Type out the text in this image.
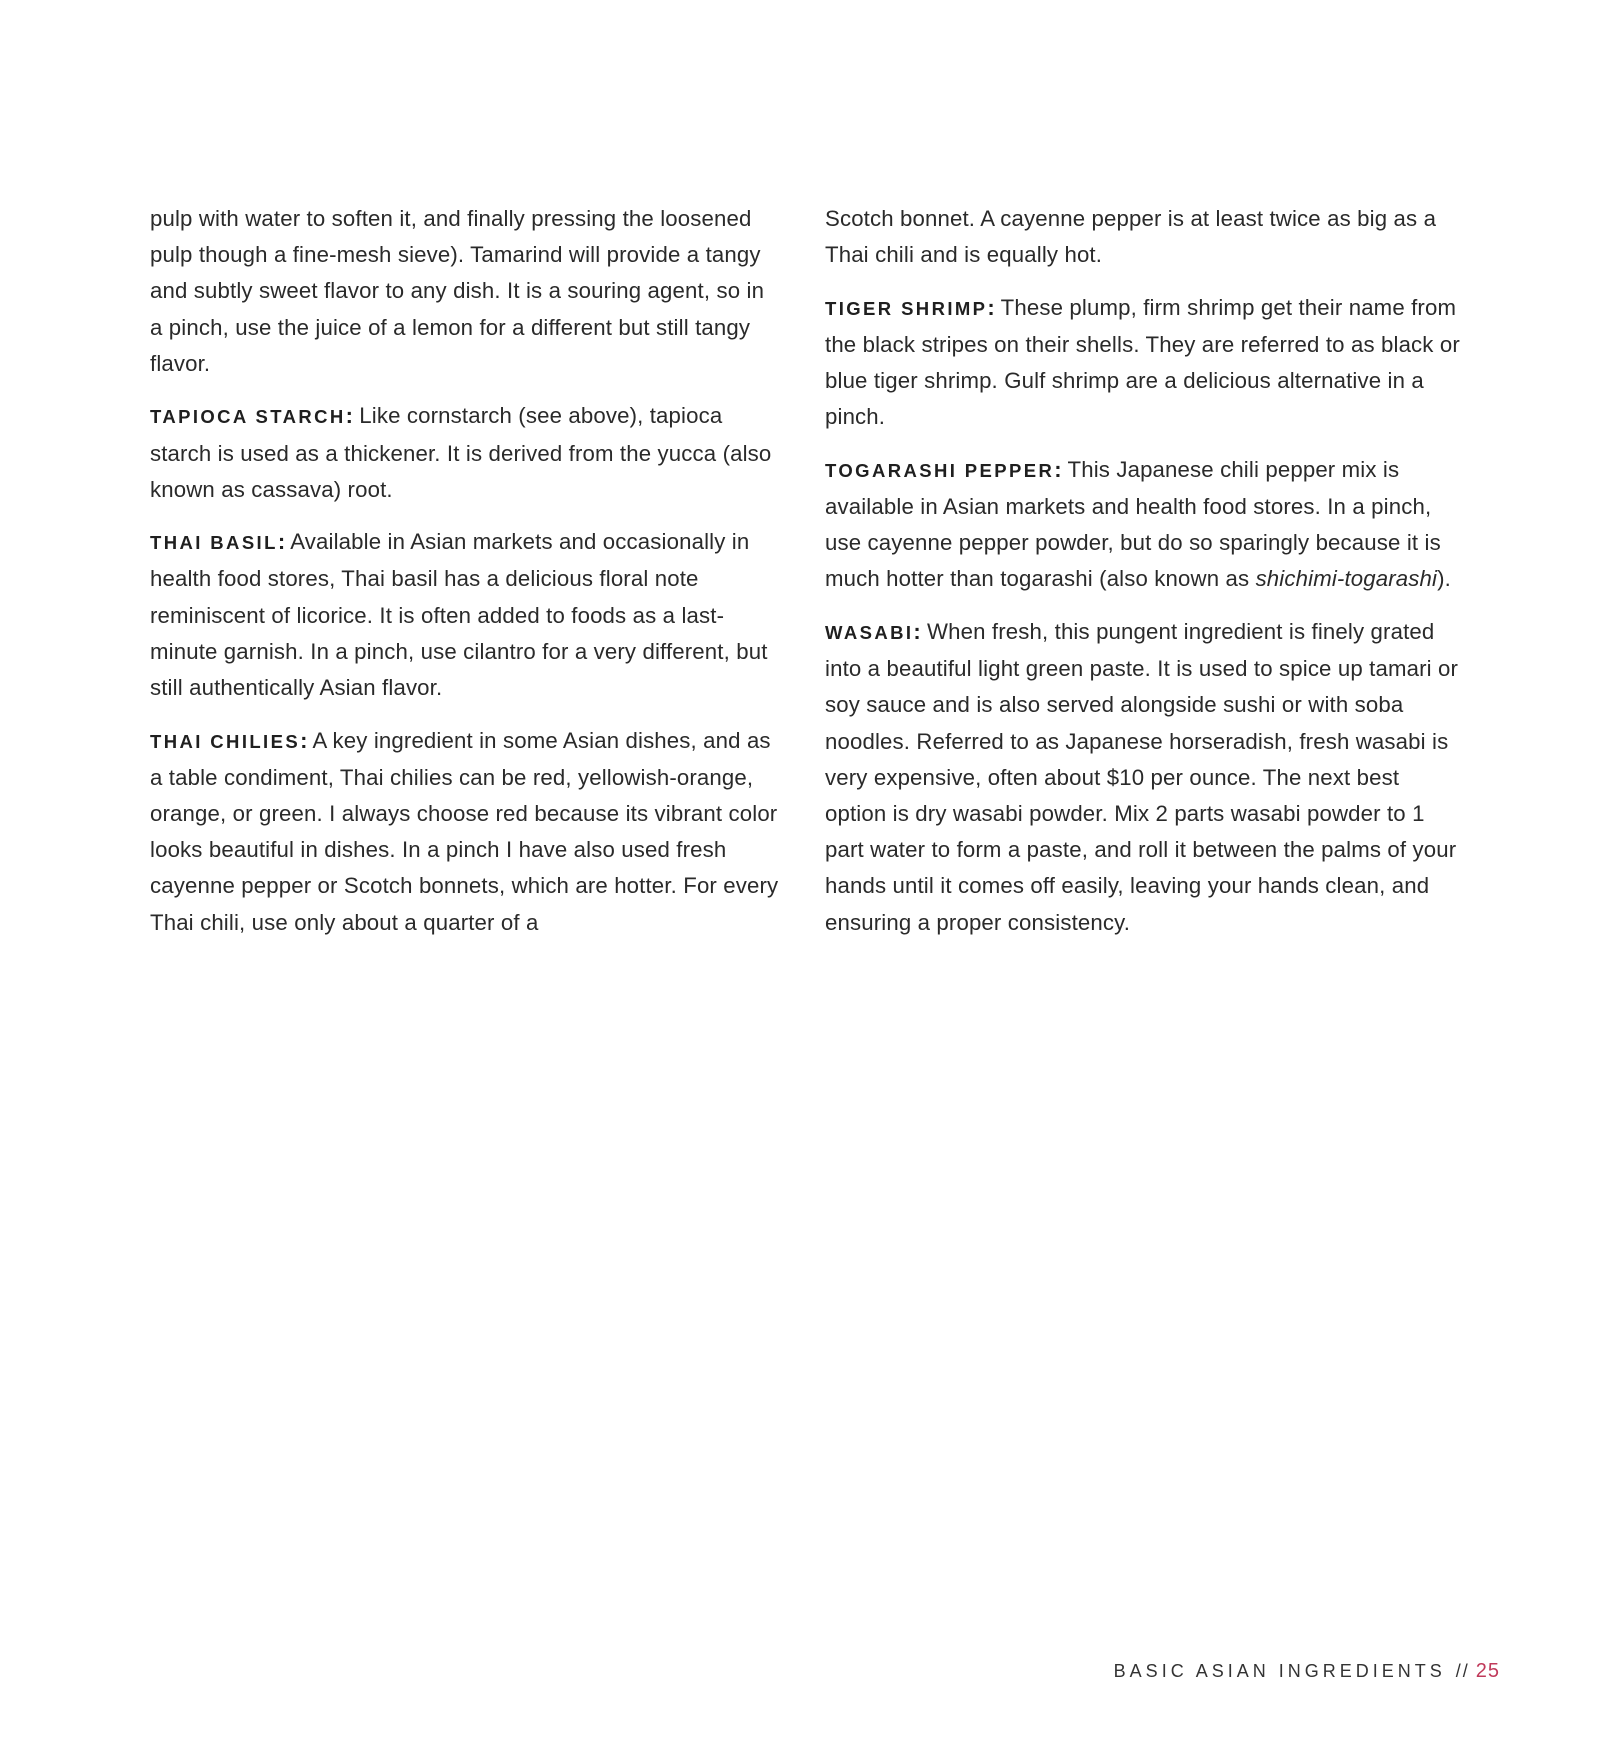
pulp with water to soften it, and finally pressing the loosened pulp though a fine-mesh sieve). Tamarind will provide a tangy and subtly sweet flavor to any dish. It is a souring agent, so in a pinch, use the juice of a lemon for a different but still tangy flavor.

TAPIOCA STARCH: Like cornstarch (see above), tapioca starch is used as a thickener. It is derived from the yucca (also known as cassava) root.

THAI BASIL: Available in Asian markets and occasionally in health food stores, Thai basil has a delicious floral note reminiscent of licorice. It is often added to foods as a last-minute garnish. In a pinch, use cilantro for a very different, but still authentically Asian flavor.

THAI CHILIES: A key ingredient in some Asian dishes, and as a table condiment, Thai chilies can be red, yellowish-orange, orange, or green. I always choose red because its vibrant color looks beautiful in dishes. In a pinch I have also used fresh cayenne pepper or Scotch bonnets, which are hotter. For every Thai chili, use only about a quarter of a

Scotch bonnet. A cayenne pepper is at least twice as big as a Thai chili and is equally hot.

TIGER SHRIMP: These plump, firm shrimp get their name from the black stripes on their shells. They are referred to as black or blue tiger shrimp. Gulf shrimp are a delicious alternative in a pinch.

TOGARASHI PEPPER: This Japanese chili pepper mix is available in Asian markets and health food stores. In a pinch, use cayenne pepper powder, but do so sparingly because it is much hotter than togarashi (also known as shichimi-togarashi).

WASABI: When fresh, this pungent ingredient is finely grated into a beautiful light green paste. It is used to spice up tamari or soy sauce and is also served alongside sushi or with soba noodles. Referred to as Japanese horseradish, fresh wasabi is very expensive, often about $10 per ounce. The next best option is dry wasabi powder. Mix 2 parts wasabi powder to 1 part water to form a paste, and roll it between the palms of your hands until it comes off easily, leaving your hands clean, and ensuring a proper consistency.

BASIC ASIAN INGREDIENTS // 25
